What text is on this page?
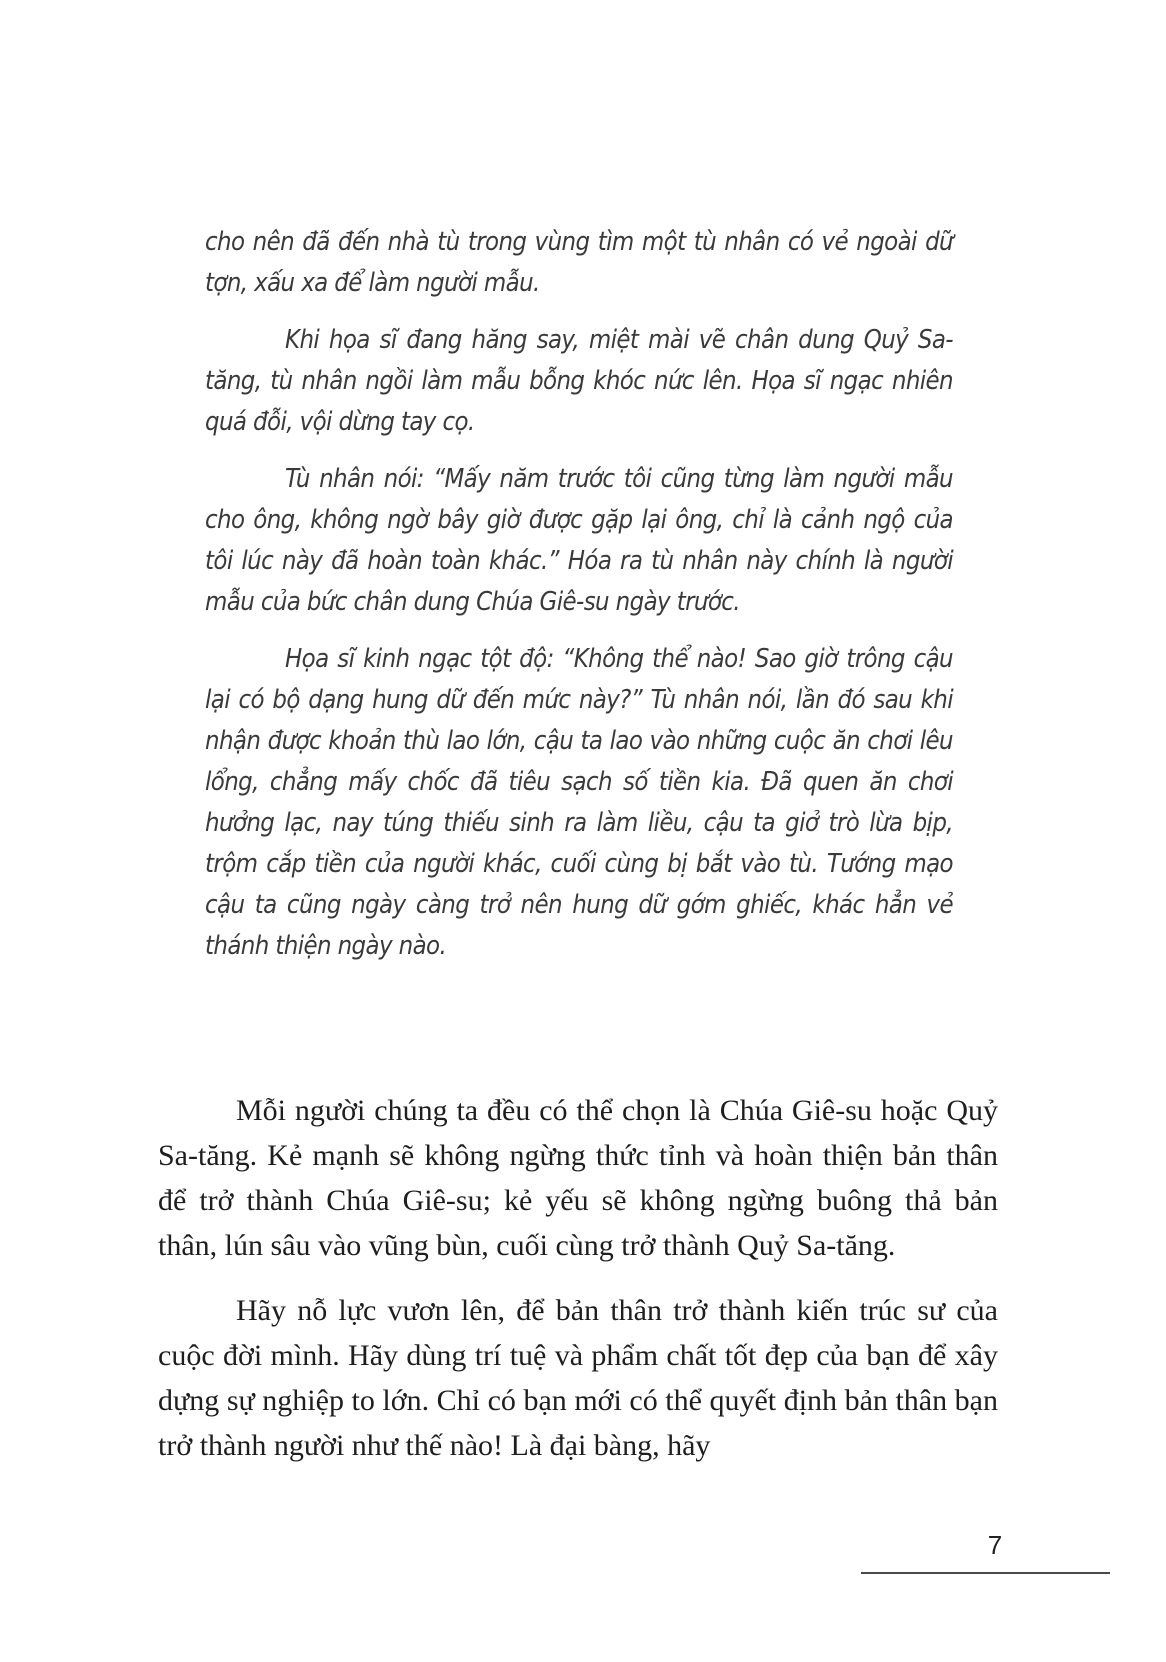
cho nên đã đến nhà tù trong vùng tìm một tù nhân có vẻ ngoài dữ tợn, xấu xa để làm người mẫu.

Khi họa sĩ đang hăng say, miệt mài vẽ chân dung Quỷ Sa-tăng, tù nhân ngồi làm mẫu bỗng khóc nức lên. Họa sĩ ngạc nhiên quá đỗi, vội dừng tay cọ.

Tù nhân nói: “Mấy năm trước tôi cũng từng làm người mẫu cho ông, không ngờ bây giờ được gặp lại ông, chỉ là cảnh ngộ của tôi lúc này đã hoàn toàn khác.” Hóa ra tù nhân này chính là người mẫu của bức chân dung Chúa Giê-su ngày trước.

Họa sĩ kinh ngạc tột độ: “Không thể nào! Sao giờ trông cậu lại có bộ dạng hung dữ đến mức này?” Tù nhân nói, lần đó sau khi nhận được khoản thù lao lớn, cậu ta lao vào những cuộc ăn chơi lêu lổng, chẳng mấy chốc đã tiêu sạch số tiền kia. Đã quen ăn chơi hưởng lạc, nay túng thiếu sinh ra làm liều, cậu ta giở trò lừa bịp, trộm cắp tiền của người khác, cuối cùng bị bắt vào tù. Tướng mạo cậu ta cũng ngày càng trở nên hung dữ gớm ghiếc, khác hẳn vẻ thánh thiện ngày nào.

Mỗi người chúng ta đều có thể chọn là Chúa Giê-su hoặc Quỷ Sa-tăng. Kẻ mạnh sẽ không ngừng thức tỉnh và hoàn thiện bản thân để trở thành Chúa Giê-su; kẻ yếu sẽ không ngừng buông thả bản thân, lún sâu vào vũng bùn, cuối cùng trở thành Quỷ Sa-tăng.

Hãy nỗ lực vươn lên, để bản thân trở thành kiến trúc sư của cuộc đời mình. Hãy dùng trí tuệ và phẩm chất tốt đẹp của bạn để xây dựng sự nghiệp to lớn. Chỉ có bạn mới có thể quyết định bản thân bạn trở thành người như thế nào! Là đại bàng, hãy

7
